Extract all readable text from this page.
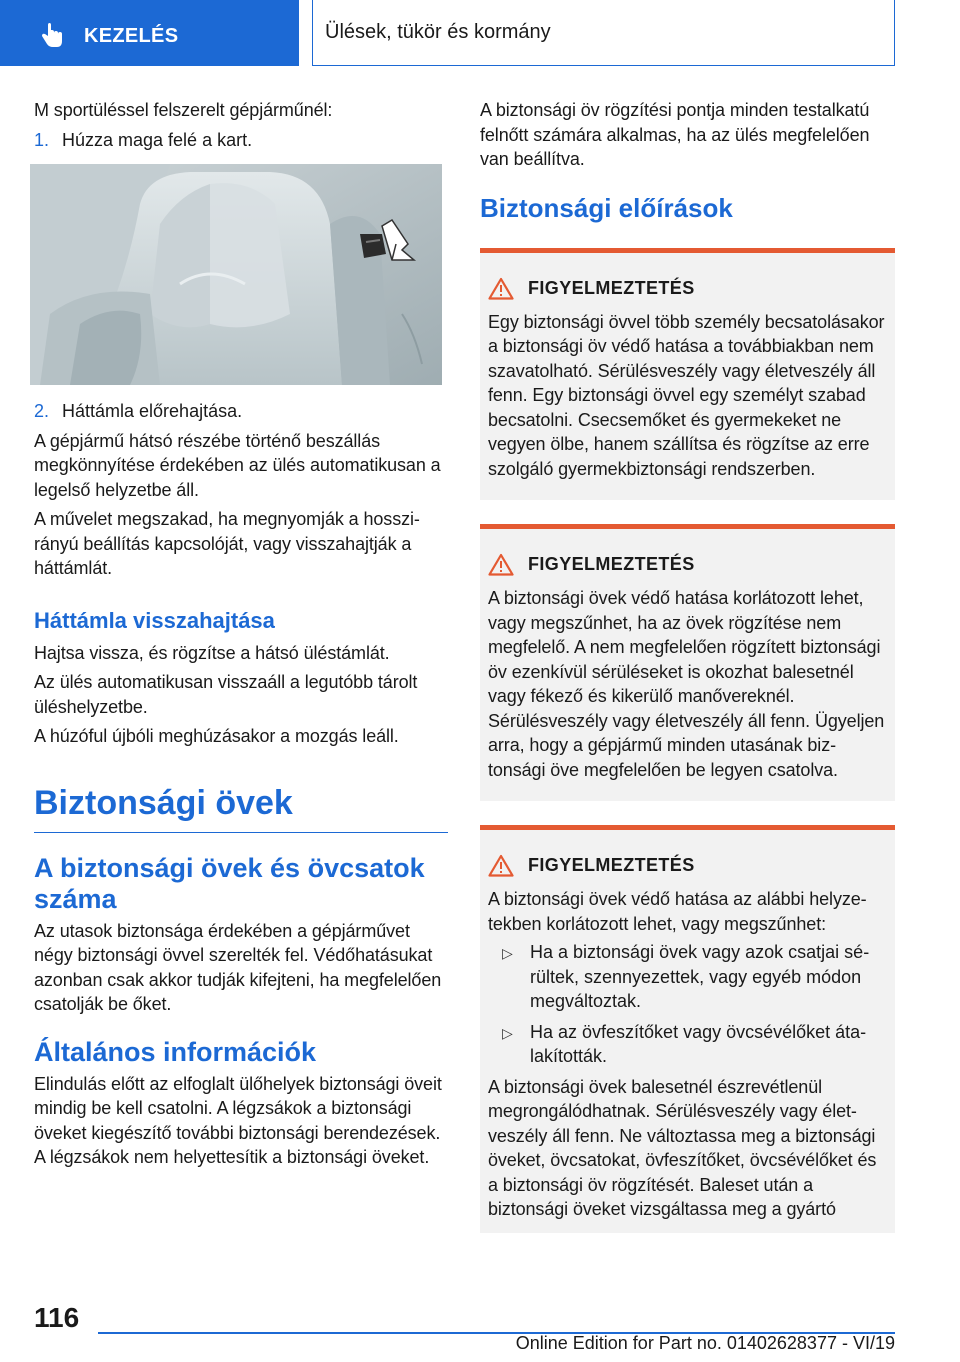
KEZELÉS	Ülések, tükör és kormány

M sportüléssel felszerelt gépjárműnél:

1. Húzza maga felé a kart.
2. Háttámla előrehajtása.

A gépjármű hátsó részébe történő beszállás megkönnyítése érdekében az ülés automatikusan a legelső helyzetbe áll.

A művelet megszakad, ha megnyomják a hosszirányú beállítás kapcsolóját, vagy visszahajtják a háttámlát.

Háttámla visszahajtása

Hajtsa vissza, és rögzítse a hátsó üléstámlát.

Az ülés automatikusan visszaáll a legutóbb tárolt üléshelyzetbe.

A húzóful újbóli meghúzásakor a mozgás leáll.

Biztonsági övek
A biztonsági övek és övcsatok száma

Az utasok biztonsága érdekében a gépjárművet négy biztonsági övvel szerelték fel. Védőhatásukat azonban csak akkor tudják kifejteni, ha megfelelően csatolják be őket.

Általános információk

Elindulás előtt az elfoglalt ülőhelyek biztonsági öveit mindig be kell csatolni. A légzsákok a biztonsági öveket kiegészítő további biztonsági berendezések. A légzsákok nem helyettesítik a biztonsági öveket.

A biztonsági öv rögzítési pontja minden testalkatú felnőtt számára alkalmas, ha az ülés megfelelően van beállítva.

Biztonsági előírások
FIGYELMEZTETÉS

Egy biztonsági övvel több személy becsatolásakor a biztonsági öv védő hatása a továbbiakban nem szavatolható. Sérülésveszély vagy életveszély áll fenn. Egy biztonsági övvel egy személyt szabad becsatolni. Csecsemőket és gyermekeket ne vegyen ölbe, hanem szállítsa és rögzítse az erre szolgáló gyermekbiztonsági rendszerben.

FIGYELMEZTETÉS

A biztonsági övek védő hatása korlátozott lehet, vagy megszűnhet, ha az övek rögzítése nem megfelelő. A nem megfelelően rögzített biztonsági öv ezenkívül sérüléseket is okozhat balesetnél vagy fékező és kikerülő manővereknél. Sérülésveszély vagy életveszély áll fenn. Ügyeljen arra, hogy a gépjármű minden utasának biztonsági öve megfelelően be legyen csatolva.

FIGYELMEZTETÉS

A biztonsági övek védő hatása az alábbi helyzetekben korlátozott lehet, vagy megszűnhet:

▷ Ha a biztonsági övek vagy azok csatjai sérültek, szennyezettek, vagy egyéb módon megváltoztak.
▷ Ha az övfeszítőket vagy övcsévélőket átalakították.

A biztonsági övek balesetnél észrevétlenül megrongálódhatnak. Sérülésveszély vagy életveszély áll fenn. Ne változtassa meg a biztonsági öveket, övcsatokat, övfeszítőket, övcsévélőket és a biztonsági öv rögzítését. Baleset után a biztonsági öveket vizsgáltassa meg a gyártó

116
Online Edition for Part no. 01402628377 - VI/19
